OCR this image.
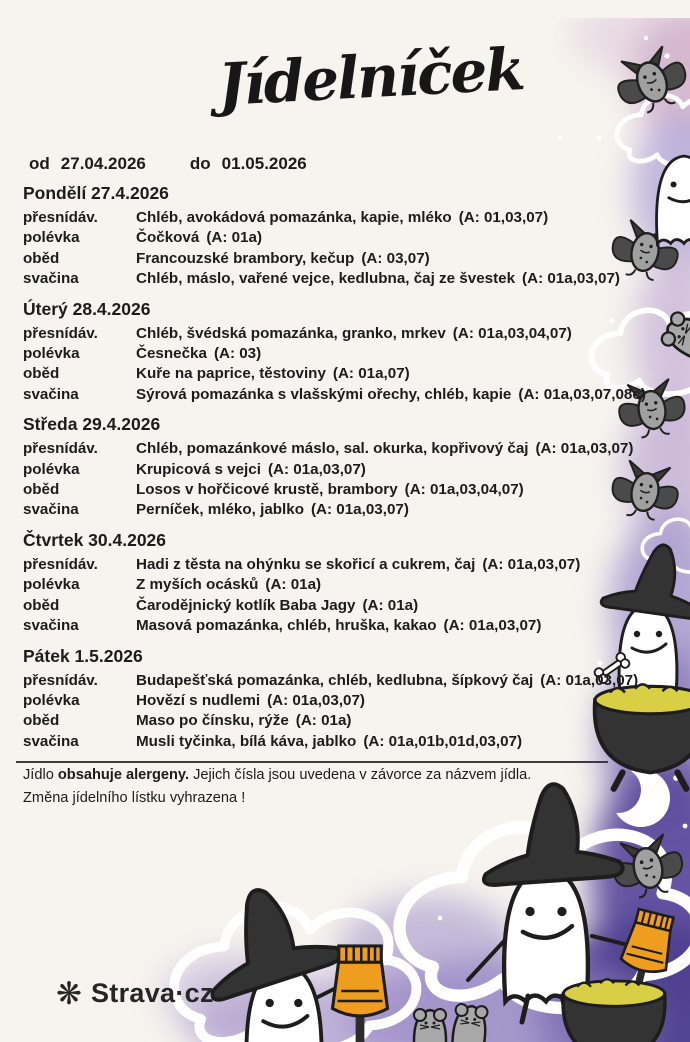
Jídelníček
od 27.04.2026	do 01.05.2026
Pondělí 27.4.2026
přesnídáv.	Chléb, avokádová pomazánka, kapie, mléko (A: 01,03,07)
polévka	Čočková (A: 01a)
oběd	Francouzské brambory, kečup (A: 03,07)
svačina	Chléb, máslo, vařené vejce, kedlubna, čaj ze švestek (A: 01a,03,07)
Úterý 28.4.2026
přesnídáv.	Chléb, švédská pomazánka, granko, mrkev (A: 01a,03,04,07)
polévka	Česnečka (A: 03)
oběd	Kuře na paprice, těstoviny (A: 01a,07)
svačina	Sýrová pomazánka s vlašskými ořechy, chléb, kapie (A: 01a,03,07,08c)
Středa 29.4.2026
přesnídáv.	Chléb, pomazánkové máslo, sal. okurka, kopřivový čaj (A: 01a,03,07)
polévka	Krupicová s vejci (A: 01a,03,07)
oběd	Losos v hořčicové krustě, brambory (A: 01a,03,04,07)
svačina	Perníček, mléko, jablko (A: 01a,03,07)
Čtvrtek 30.4.2026
přesnídáv.	Hadi z těsta na ohýnku se skořicí a cukrem, čaj (A: 01a,03,07)
polévka	Z myších ocásků (A: 01a)
oběd	Čarodějnický kotlík Baba Jagy (A: 01a)
svačina	Masová pomazánka, chléb, hruška, kakao (A: 01a,03,07)
Pátek 1.5.2026
přesnídáv.	Budapešťská pomazánka, chléb, kedlubna, šípkový čaj (A: 01a,03,07)
polévka	Hovězí s nudlemi (A: 01a,03,07)
oběd	Maso po čínsku, rýže (A: 01a)
svačina	Musli tyčinka, bílá káva, jablko (A: 01a,01b,01d,03,07)
Jídlo obsahuje alergeny. Jejich čísla jsou uvedena v závorce za názvem jídla.
Změna jídelního lístku vyhrazena !
❋ Strava·cz
